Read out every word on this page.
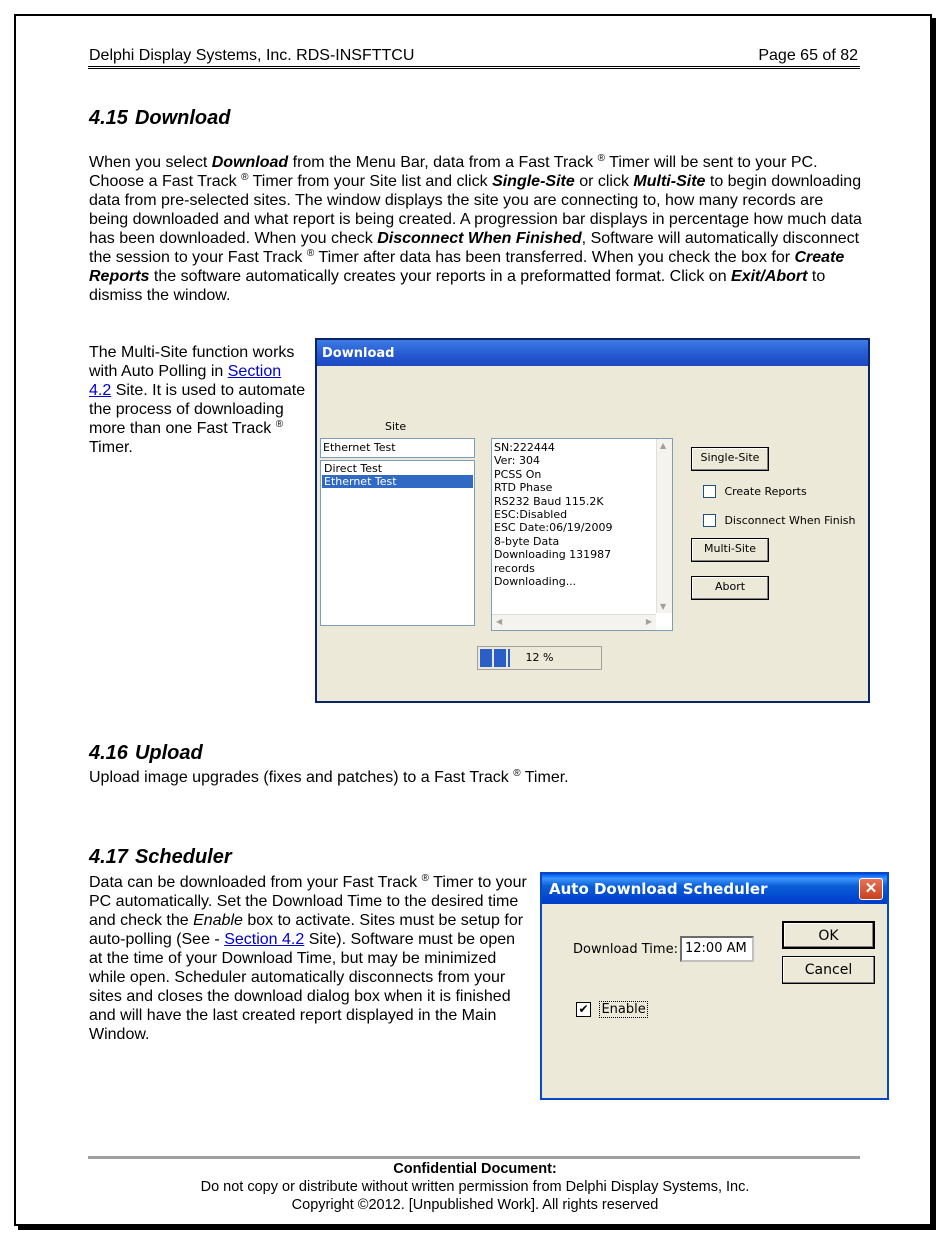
Delphi Display Systems, Inc. RDS-INSFTTCU	Page 65 of 82
4.15 Download
When you select Download from the Menu Bar, data from a Fast Track ® Timer will be sent to your PC. Choose a Fast Track ® Timer from your Site list and click Single-Site or click Multi-Site to begin downloading data from pre-selected sites. The window displays the site you are connecting to, how many records are being downloaded and what report is being created. A progression bar displays in percentage how much data has been downloaded. When you check Disconnect When Finished, Software will automatically disconnect the session to your Fast Track ® Timer after data has been transferred. When you check the box for Create Reports the software automatically creates your reports in a preformatted format. Click on Exit/Abort to dismiss the window.
The Multi-Site function works with Auto Polling in Section 4.2 Site. It is used to automate the process of downloading more than one Fast Track ® Timer.
Download
Site
Ethernet Test
Direct Test
Ethernet Test
SN:222444
Ver: 304
PCSS On
RTD Phase
RS232 Baud 115.2K
ESC:Disabled
ESC Date:06/19/2009
8-byte Data
Downloading 131987 records
Downloading...
▲
▼
◀	▶
Single-Site
Create Reports
Disconnect When Finish
Multi-Site
Abort
12 %
4.16 Upload
Upload image upgrades (fixes and patches) to a Fast Track ® Timer.
4.17 Scheduler
Data can be downloaded from your Fast Track ® Timer to your PC automatically. Set the Download Time to the desired time and check the Enable box to activate. Sites must be setup for auto-polling (See - Section 4.2 Site). Software must be open at the time of your Download Time, but may be minimized while open. Scheduler automatically disconnects from your sites and closes the download dialog box when it is finished and will have the last created report displayed in the Main Window.
Auto Download Scheduler	✕
Download Time: 12:00 AM
OK
Cancel
✔ Enable
Confidential Document:
Do not copy or distribute without written permission from Delphi Display Systems, Inc.
Copyright ©2012. [Unpublished Work]. All rights reserved
